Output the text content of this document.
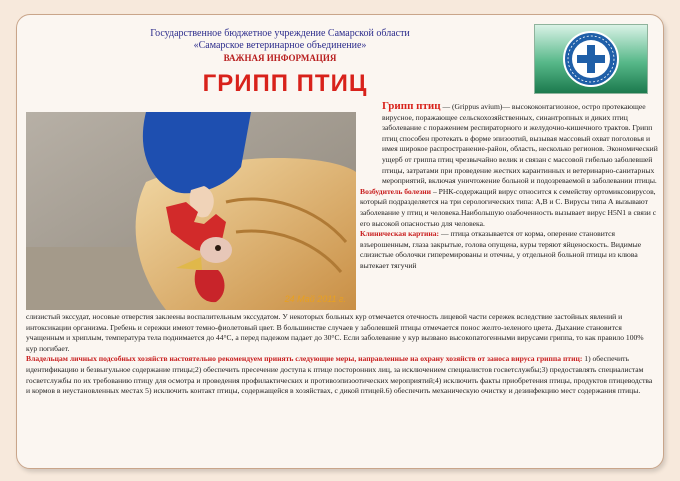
Государственное бюджетное учреждение Самарской области
«Самарское ветеринарное объединение»
ВАЖНАЯ ИНФОРМАЦИЯ
ГРИПП ПТИЦ
24 Май 2011 г.

Грипп птиц — (Grippus avium)— высококонтагиозное, остро протекающее вирусное, поражающее сельскохозяйственных, синантропных и диких птиц заболевание с поражением респираторного и желудочно-кишечного трактов. Грипп птиц способен протекать в форме эпизоотий, вызывая массовый охват поголовья и имея широкое распространение-район, область, несколько регионов. Экономический ущерб от гриппа птиц чрезвычайно велик и связан с массовой гибелью заболевшей птицы, затратами при проведение жестких карантинных и ветеринарно-санитарных мероприятий, включая уничтожение больной и подозреваемой в заболевании птицы.

Возбудитель болезни – РНК-содержащий вирус относится к семейству ортомиксовирусов, который подразделяется на три серологических типа: А,В и С. Вирусы типа А вызывают заболевание у птиц и человека.Наибольшую озабоченность вызывает вирус H5N1 в связи с его высокой опасностью для человека.

Клиническая картина: — птица отказывается от корма, оперение становится взъерошенным, глаза закрытые, голова опущена, куры теряют яйценоскость. Видимые слизистые оболочки гиперемированы и отечны, у отдельной больной птицы из клюва вытекает тягучий

слизистый экссудат, носовые отверстия заклеены воспалительным экссудатом. У некоторых больных кур отмечается отечность лицевой части сережек вследствие застойных явлений и интоксикации организма. Гребень и сережки имеют темно-фиолетовый цвет. В большинстве случаев у заболевшей птицы отмечается понос желто-зеленого цвета. Дыхание становится учащенным и хриплым, температура тела поднимается до 44°С, а перед падежом падает до 30°С. Если заболевание у кур вызвано высокопатогенными вирусами гриппа, то как правило 100% кур погибает.

Владельцам личных подсобных хозяйств настоятельно рекомендуем принять следующие меры, направленные на охрану хозяйств от заноса вируса гриппа птиц: 1) обеспечить идентификацию и безвыгульное содержание птицы;2) обеспечить пресечение доступа к птице посторонних лиц, за исключением специалистов госветслужбы;3) предоставлять специалистам госветслужбы по их требованию птицу для осмотра и проведения профилактических и противоэпизоотических мероприятий;4) исключить факты приобретения птицы, продуктов птицеводства и кормов в неустановленных местах 5) исключить контакт птицы, содержащейся в хозяйствах, с дикой птицей.6) обеспечить механическую очистку и дезинфекцию мест содержания птицы.
